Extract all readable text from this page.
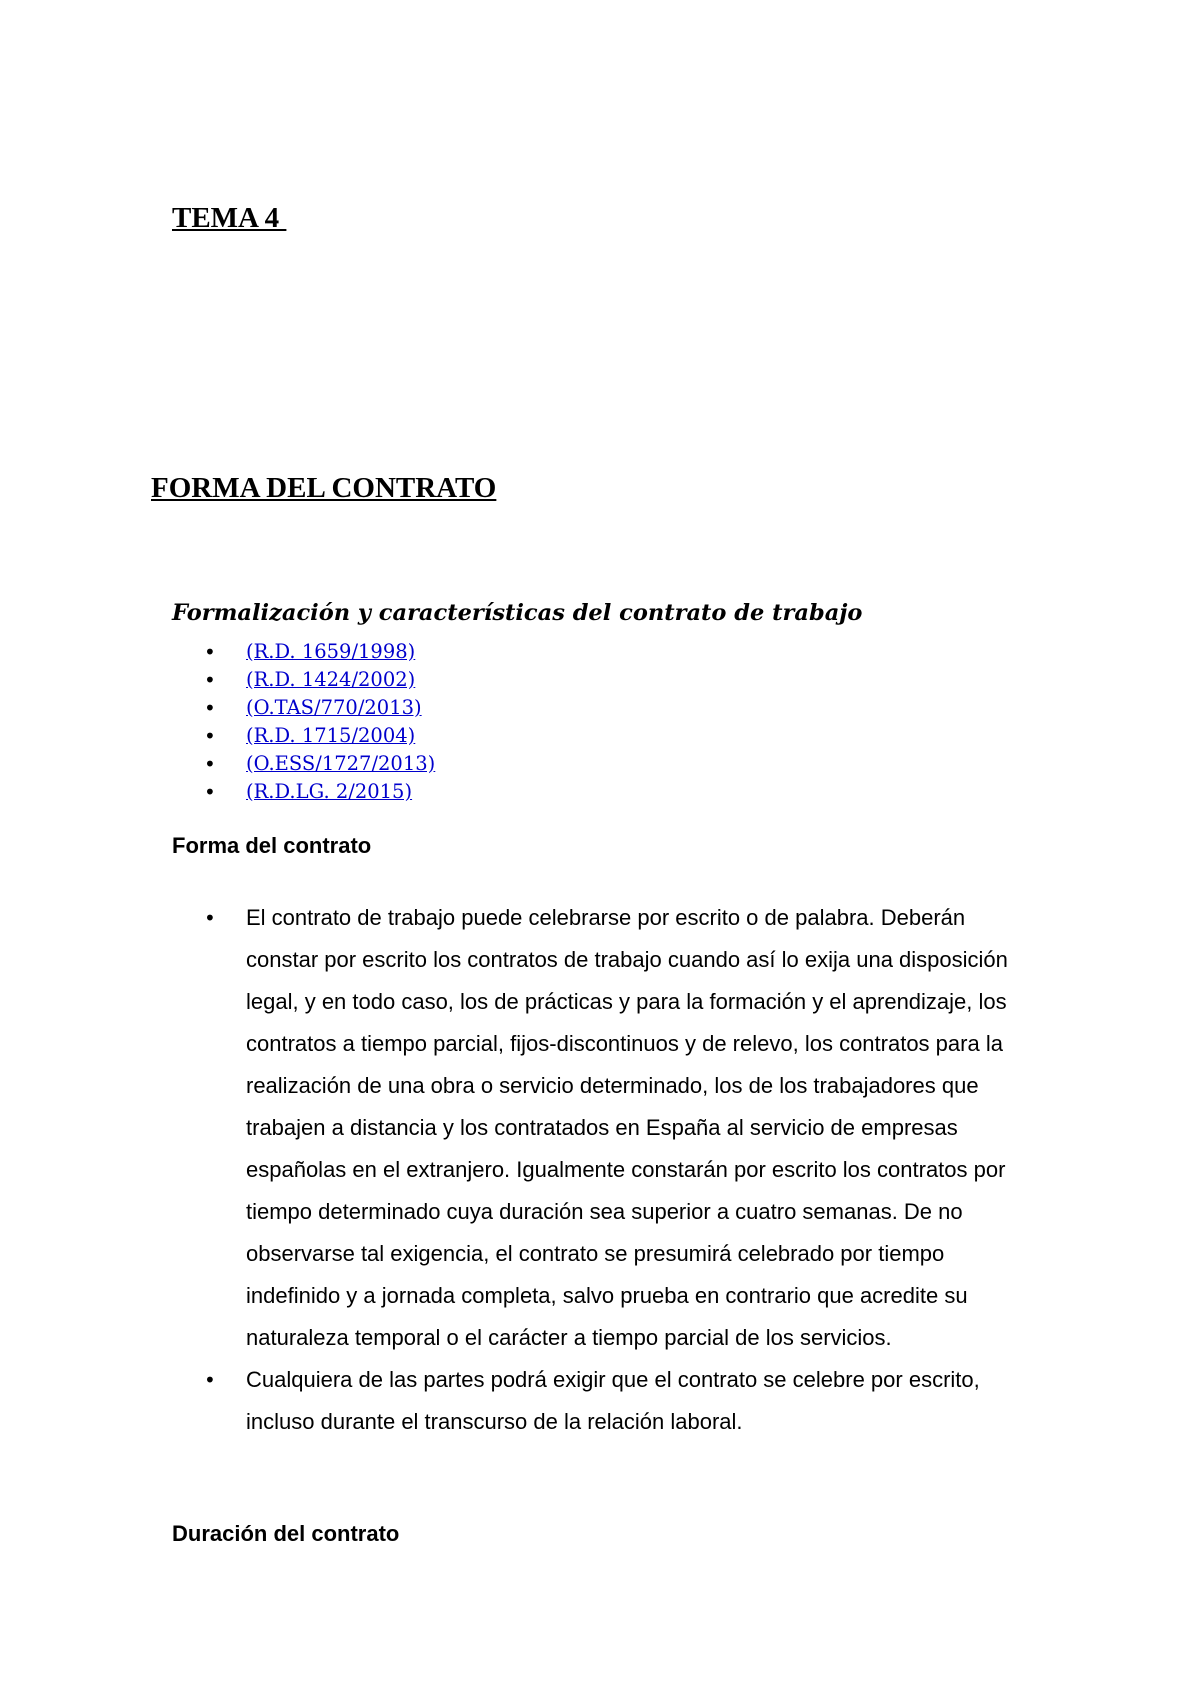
TEMA 4
FORMA DEL CONTRATO
Formalización y características del contrato de trabajo
• (R.D. 1659/1998)
• (R.D. 1424/2002)
• (O.TAS/770/2013)
• (R.D. 1715/2004)
• (O.ESS/1727/2013)
• (R.D.LG. 2/2015)
Forma del contrato
• El contrato de trabajo puede celebrarse por escrito o de palabra. Deberán constar por escrito los contratos de trabajo cuando así lo exija una disposición legal, y en todo caso, los de prácticas y para la formación y el aprendizaje, los contratos a tiempo parcial, fijos-discontinuos y de relevo, los contratos para la realización de una obra o servicio determinado, los de los trabajadores que trabajen a distancia y los contratados en España al servicio de empresas españolas en el extranjero. Igualmente constarán por escrito los contratos por tiempo determinado cuya duración sea superior a cuatro semanas. De no observarse tal exigencia, el contrato se presumirá celebrado por tiempo indefinido y a jornada completa, salvo prueba en contrario que acredite su naturaleza temporal o el carácter a tiempo parcial de los servicios.
• Cualquiera de las partes podrá exigir que el contrato se celebre por escrito, incluso durante el transcurso de la relación laboral.
Duración del contrato
